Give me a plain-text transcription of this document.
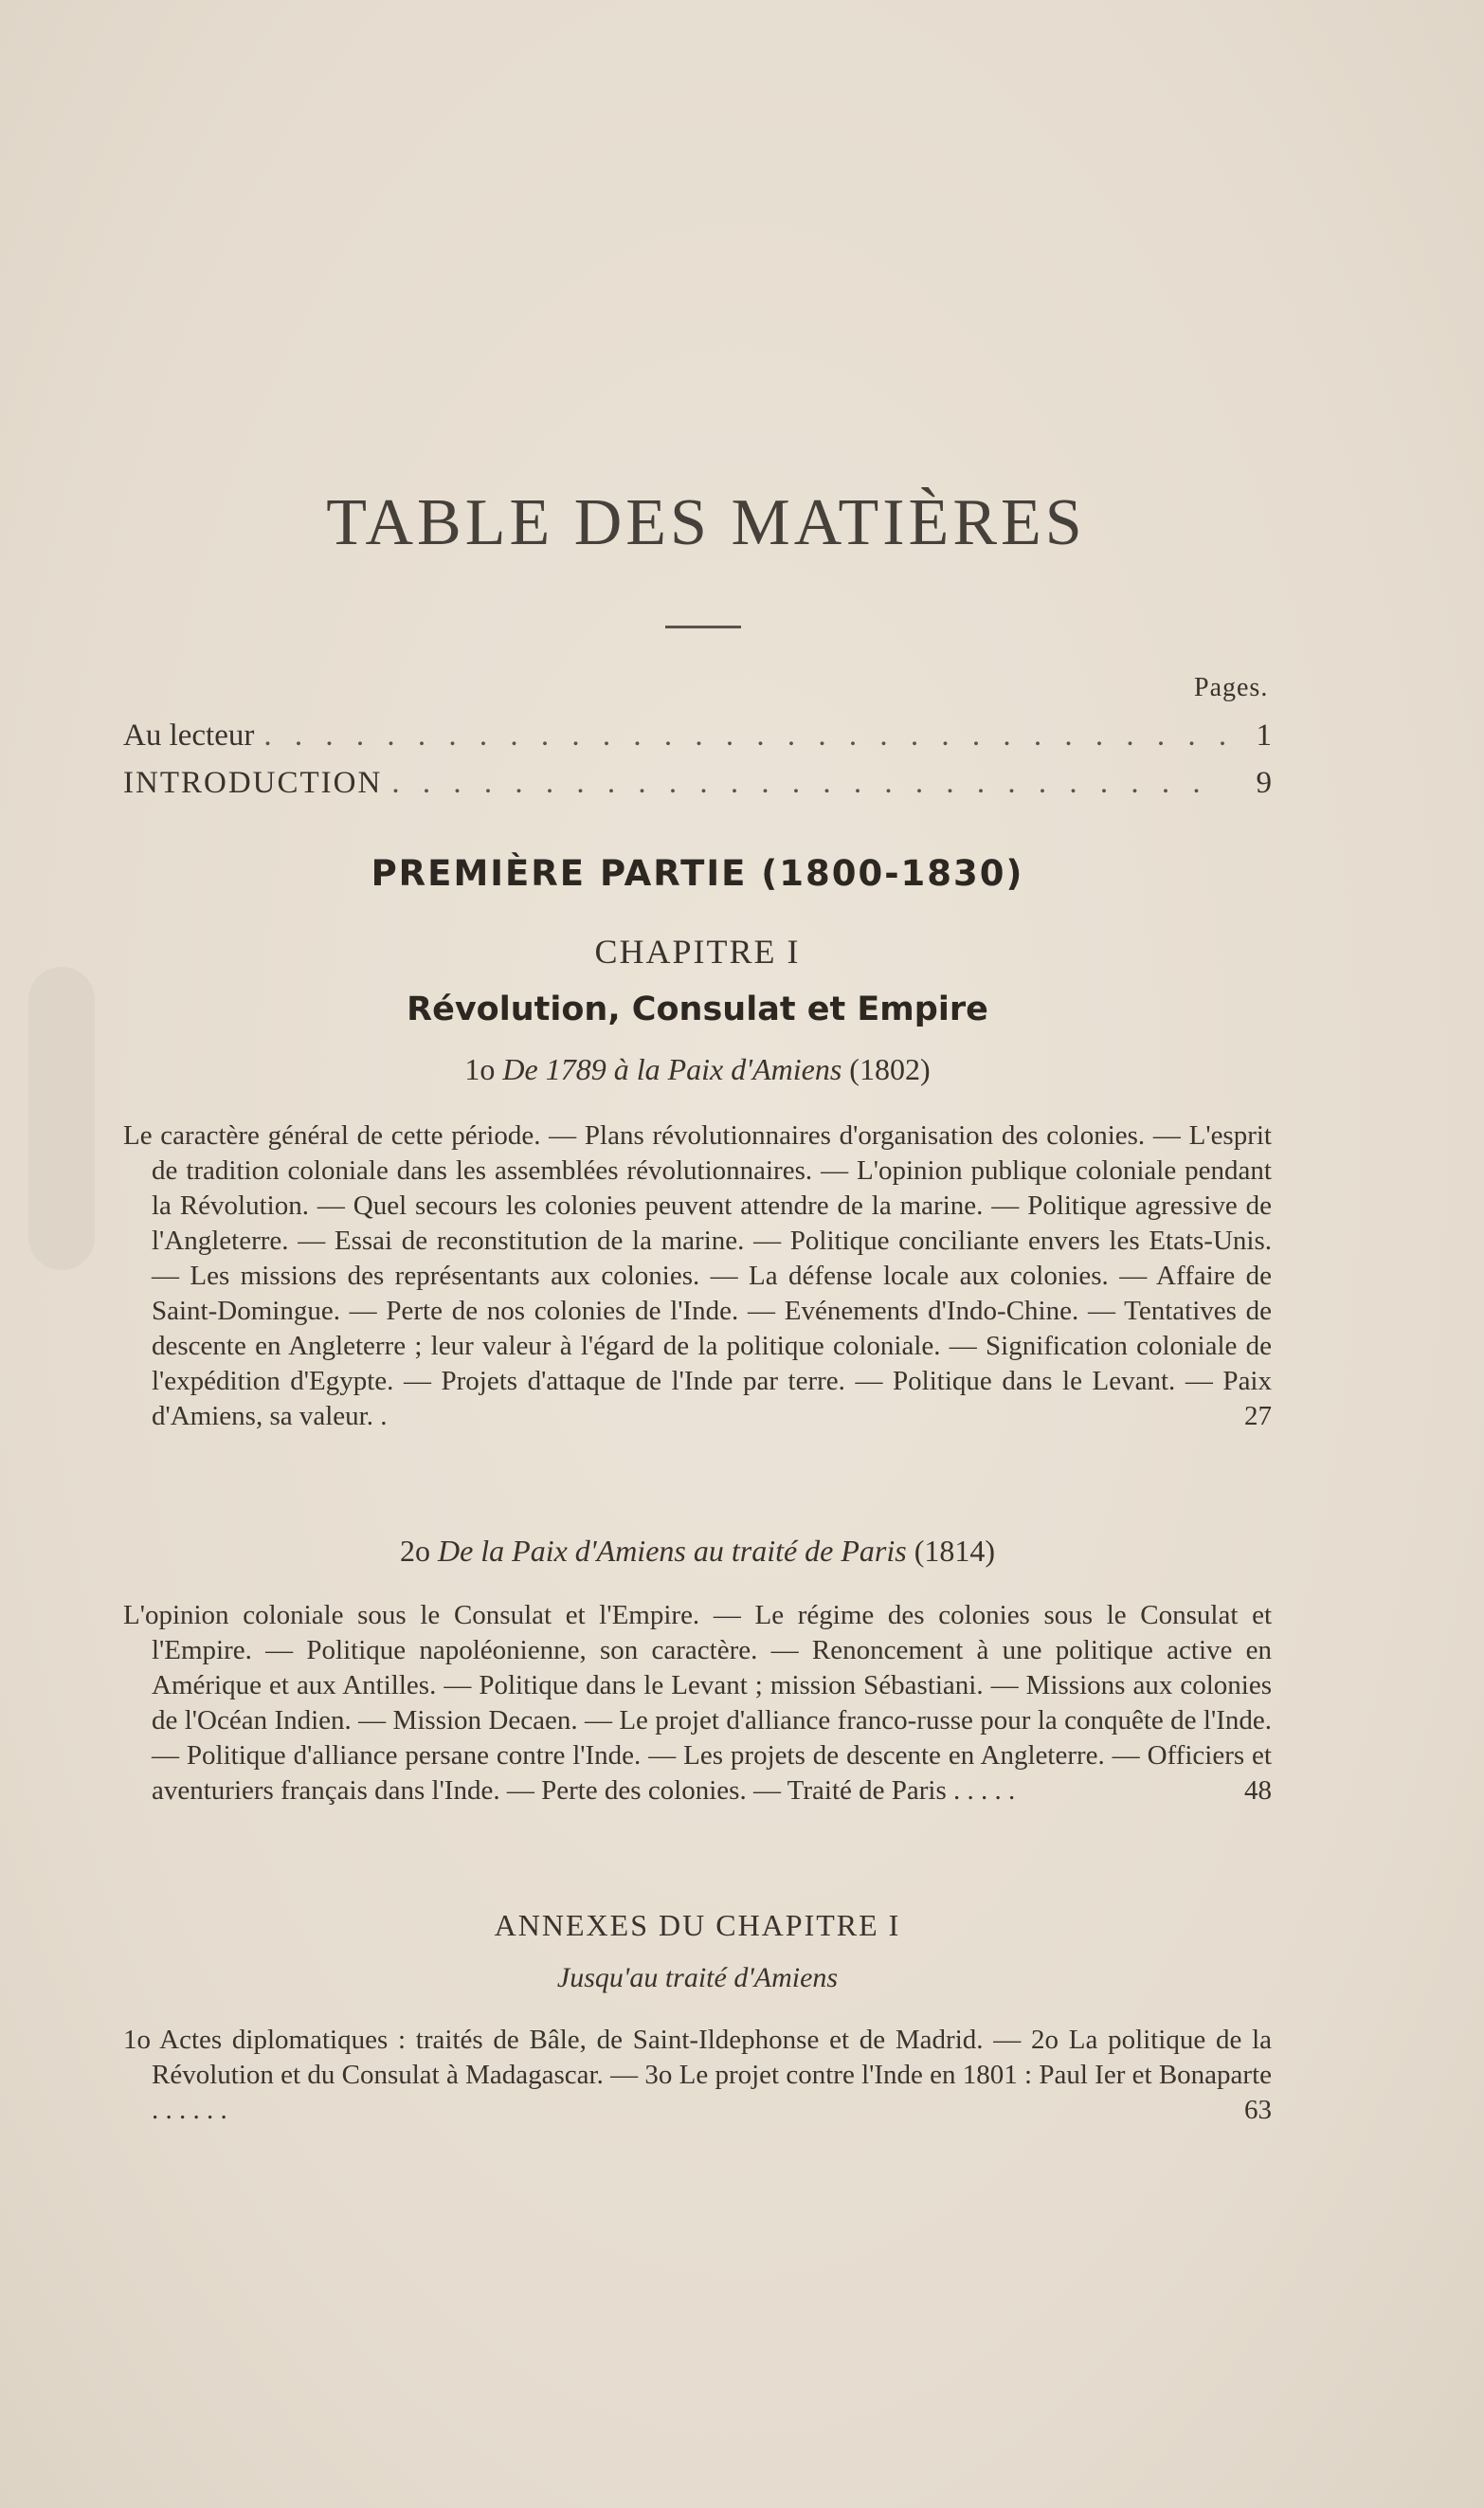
TABLE DES MATIÈRES
Pages.
Au lecteur . . .	1
INTRODUCTION . . .	9
PREMIÈRE PARTIE (1800-1830)
CHAPITRE I
Révolution, Consulat et Empire
1o De 1789 à la Paix d'Amiens (1802)
Le caractère général de cette période. — Plans révolutionnaires d'organisation des colonies. — L'esprit de tradition coloniale dans les assemblées révolutionnaires. — L'opinion publique coloniale pendant la Révolution. — Quel secours les colonies peuvent attendre de la marine. — Politique agressive de l'Angleterre. — Essai de reconstitution de la marine. — Politique conciliante envers les Etats-Unis. — Les missions des représentants aux colonies. — La défense locale aux colonies. — Affaire de Saint-Domingue. — Perte de nos colonies de l'Inde. — Evénements d'Indo-Chine. — Tentatives de descente en Angleterre ; leur valeur à l'égard de la politique coloniale. — Signification coloniale de l'expédition d'Egypte. — Projets d'attaque de l'Inde par terre. — Politique dans le Levant. — Paix d'Amiens, sa valeur. .	27
2o De la Paix d'Amiens au traité de Paris (1814)
L'opinion coloniale sous le Consulat et l'Empire. — Le régime des colonies sous le Consulat et l'Empire. — Politique napoléonienne, son caractère. — Renoncement à une politique active en Amérique et aux Antilles. — Politique dans le Levant ; mission Sébastiani. — Missions aux colonies de l'Océan Indien. — Mission Decaen. — Le projet d'alliance franco-russe pour la conquête de l'Inde. — Politique d'alliance persane contre l'Inde. — Les projets de descente en Angleterre. — Officiers et aventuriers français dans l'Inde. — Perte des colonies. — Traité de Paris . . . . .	48
ANNEXES DU CHAPITRE I
Jusqu'au traité d'Amiens
1o Actes diplomatiques : traités de Bâle, de Saint-Ildephonse et de Madrid. — 2o La politique de la Révolution et du Consulat à Madagascar. — 3o Le projet contre l'Inde en 1801 : Paul Ier et Bonaparte . . . . . .	63
